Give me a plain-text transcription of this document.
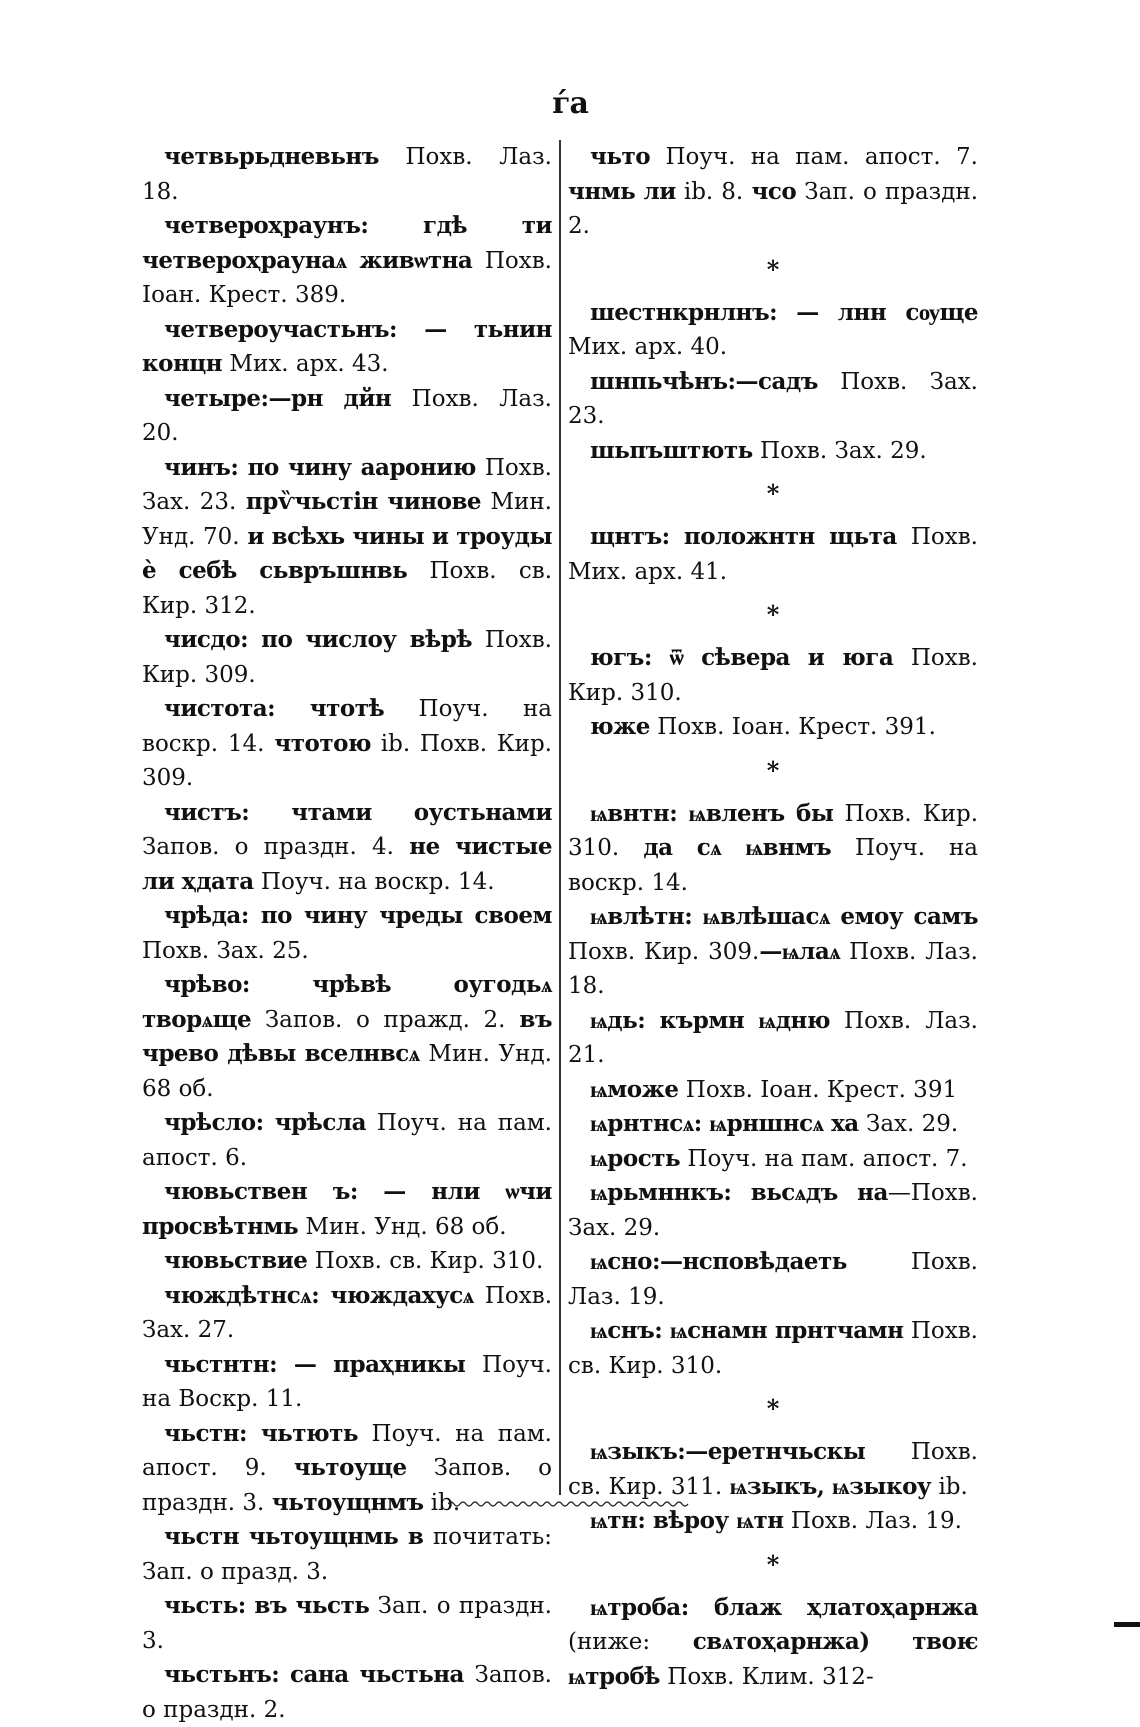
ѓа
четвьрьдневьнъ Похв. Лаз. 18.
четвероҳраунъ: гдѣ ти четвероҳраунаѧ живѡтна Похв. Іоан. Крест. 389.
четвероучастьнъ: — тьнин концн Мих. арх. 43.
четыре:—рн дйн Похв. Лаз. 20.
чинъ: по чину ааронию Похв. Зах. 23. прѷчьстін чинове Мин. Унд. 70. и всѣхь чины и троуды ѐ себѣ сьвръшнвь Похв. св. Кир. 312.
чисдо: по числоу вѣрѣ Похв. Кир. 309.
чистота: чтотѣ Поуч. на воскр. 14. чтотою ib. Похв. Кир. 309.
чистъ: чтами оустьнами Запов. о праздн. 4. не чистые ли ҳдата Поуч. на воскр. 14.
чрѣда: по чину чреды своем Похв. Зах. 25.
чрѣво: чрѣвѣ оугодьѧ творѧще Запов. о пражд. 2. въ чрево дѣвы вселнвсѧ Мин. Унд. 68 об.
чрѣсло: чрѣсла Поуч. на пам. апост. 6.
чювьствен ъ: — нли ѡчи просвѣтнмь Мин. Унд. 68 об.
чювьствие Похв. св. Кир. 310.
чюждѣтнсѧ: чюждахусѧ Похв. Зах. 27.
чьстнтн: — праҳникы Поуч. на Воскр. 11.
чьстн: чьтють Поуч. на пам. апост. 9. чьтоуще Запов. о праздн. 3. чьтоущнмъ ib.
чьстн чьтоущнмь в почитать: Зап. о празд. 3.
чьсть: въ чьсть Зап. о праздн. 3.
чьстьнъ: сана чьстьна Запов. о праздн. 2.
чьто Поуч. на пам. апост. 7. чнмь ли ib. 8. чсо Зап. о праздн. 2.
*
шестнкрнлнъ: — лнн сѹще Мих. арх. 40.
шнпьчѣнъ:—садъ Похв. Зах. 23.
шьпъштють Похв. Зах. 29.
*
щнтъ: положнтн щьта Похв. Мих. арх. 41.
*
югъ: ѿ сѣвера и юга Похв. Кир. 310.
юже Похв. Іоан. Крест. 391.
*
ѩвнтн: ѩвленъ бы Похв. Кир. 310. да сѧ ѩвнмъ Поуч. на воскр. 14.
ѩвлѣтн: ѩвлѣшасѧ емоу самъ Похв. Кир. 309.—ѩлаѧ Похв. Лаз. 18.
ѩдь: кърмн ѩдню Похв. Лаз. 21.
ѩможе Похв. Іоан. Крест. 391
ѩрнтнсѧ: ѩрншнсѧ ха Зах. 29.
ѩрость Поуч. на пам. апост. 7.
ѩрьмннкъ: вьсѧдъ на—Похв. Зах. 29.
ѩсно:—нсповѣдаеть Похв. Лаз. 19.
ѩснъ: ѩснамн прнтчамн Похв. св. Кир. 310.
*
ѩзыкъ:—еретнчьскы Похв. св. Кир. 311. ѩзыкъ, ѩзыкоу ib.
ѩтн: вѣроу ѩтн Похв. Лаз. 19.
*
ѩтроба: блаж ҳлатоҳарнжа (ниже: свѧтоҳарнжа) твоѥ ѩтробѣ Похв. Клим. 312-
